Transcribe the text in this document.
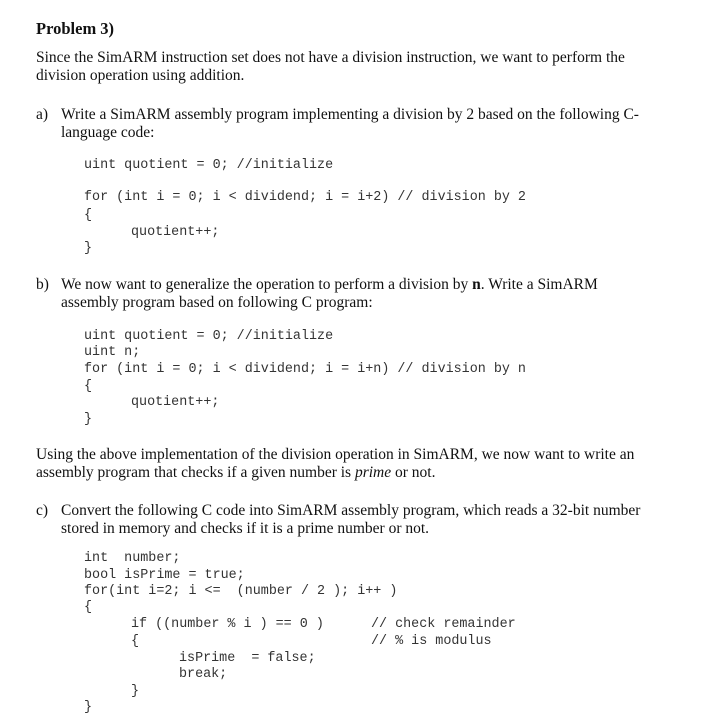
Problem 3)
Since the SimARM instruction set does not have a division instruction, we want to perform the
division operation using addition.
a) Write a SimARM assembly program implementing a division by 2 based on the following C-
language code:
uint quotient = 0; //initialize
for (int i = 0; i < dividend; i = i+2) // division by 2
{
quotient++;
}
b) We now want to generalize the operation to perform a division by n. Write a SimARM
assembly program based on following C program:
uint quotient = 0; //initialize
uint n;
for (int i = 0; i < dividend; i = i+n) // division by n
{
quotient++;
}
Using the above implementation of the division operation in SimARM, we now want to write an
assembly program that checks if a given number is prime or not.
c) Convert the following C code into SimARM assembly program, which reads a 32-bit number
stored in memory and checks if it is a prime number or not.
int  number;
bool isPrime = true;
for(int i=2; i <=  (number / 2 ); i++ )
{
if ((number % i ) == 0 )	// check remainder
{	// % is modulus
isPrime  = false;
break;
}
}
